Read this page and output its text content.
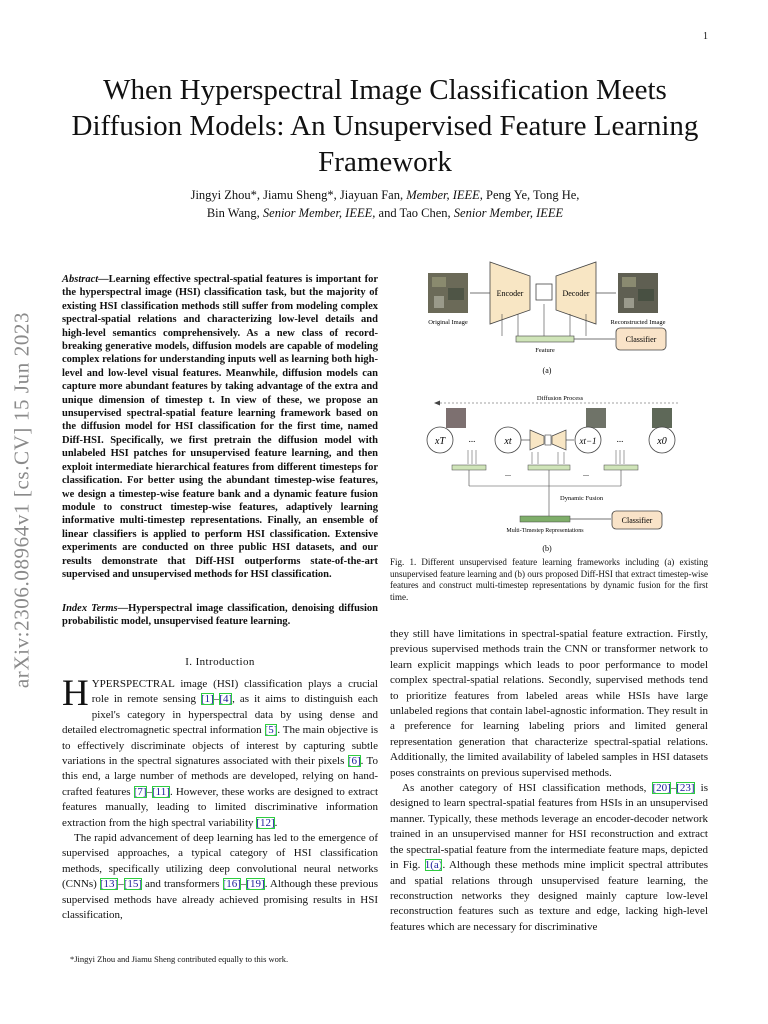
1
arXiv:2306.08964v1 [cs.CV] 15 Jun 2023
When Hyperspectral Image Classification Meets Diffusion Models: An Unsupervised Feature Learning Framework
Jingyi Zhou*, Jiamu Sheng*, Jiayuan Fan, Member, IEEE, Peng Ye, Tong He,
Bin Wang, Senior Member, IEEE, and Tao Chen, Senior Member, IEEE
Abstract—Learning effective spectral-spatial features is important for the hyperspectral image (HSI) classification task, but the majority of existing HSI classification methods still suffer from modeling complex spectral-spatial relations and characterizing low-level details and high-level semantics comprehensively. As a new class of record-breaking generative models, diffusion models are capable of modeling complex relations for understanding inputs well as learning both high-level and low-level visual features. Meanwhile, diffusion models can capture more abundant features by taking advantage of the extra and unique dimension of timestep t. In view of these, we propose an unsupervised spectral-spatial feature learning framework based on the diffusion model for HSI classification for the first time, named Diff-HSI. Specifically, we first pretrain the diffusion model with unlabeled HSI patches for unsupervised feature learning, and then exploit intermediate hierarchical features from different timesteps for classification. For better using the abundant timestep-wise features, we design a timestep-wise feature bank and a dynamic feature fusion module to construct timestep-wise features, adaptively learning informative multi-timestep representations. Finally, an ensemble of linear classifiers is applied to perform HSI classification. Extensive experiments are conducted on three public HSI datasets, and our results demonstrate that Diff-HSI outperforms state-of-the-art supervised and unsupervised methods for HSI classification.
Index Terms—Hyperspectral image classification, denoising diffusion probabilistic model, unsupervised feature learning.
I. Introduction

HYPERSPECTRAL image (HSI) classification plays a crucial role in remote sensing [1]–[4], as it aims to distinguish each pixel's category in hyperspectral data by using dense and detailed electromagnetic spectral information [5]. The main objective is to effectively discriminate objects of interest by capturing subtle variations in the spectral signatures associated with their pixels [6]. To this end, a large number of methods are developed, relying on hand-crafted features [7]–[11]. However, these works are designed to extract features manually, leading to limited discriminative information extraction from the high spectral variability [12].

The rapid advancement of deep learning has led to the emergence of supervised approaches, a typical category of HSI classification methods, specifically utilizing deep convolutional neural networks (CNNs) [13]–[15] and transformers [16]–[19]. Although these previous supervised methods have already achieved promising results in HSI classification,

*Jingyi Zhou and Jiamu Sheng contributed equally to this work.
Original Image
Encoder	Decoder
Reconstructed Image
Feature
Classifier
(a)
Diffusion Process
xT	...	xt	xt−1 ...	x0
...	...
Dynamic Fusion
Multi-Timestep Representations
Classifier
(b)
Fig. 1. Different unsupervised feature learning frameworks including (a) existing unsupervised feature learning and (b) ours proposed Diff-HSI that extract timestep-wise features and construct multi-timestep representations by dynamic fusion for the first time.

they still have limitations in spectral-spatial feature extraction. Firstly, previous supervised methods train the CNN or transformer network to learn explicit mappings which leads to poor performance to model complex spectral-spatial relations. Secondly, supervised methods tend to prioritize features from labeled areas while HSIs have large unlabeled regions that contain label-agnostic information. They result in a preference for learning labeling priors and limited general representation generation that characterize spectral-spatial relations. Additionally, the limited availability of labeled samples in HSI datasets poses constraints on previous supervised methods.

As another category of HSI classification methods, [20]–[23] is designed to learn spectral-spatial features from HSIs in an unsupervised manner. Typically, these methods leverage an encoder-decoder network trained in an unsupervised manner for HSI reconstruction and extract the spectral-spatial feature from the intermediate feature maps, depicted in Fig. 1(a). Although these methods mine implicit spectral attributes and spatial relations through unsupervised feature learning, the reconstruction networks they designed mainly capture low-level reconstruction features such as texture and edge, lacking high-level features which are necessary for discriminative
